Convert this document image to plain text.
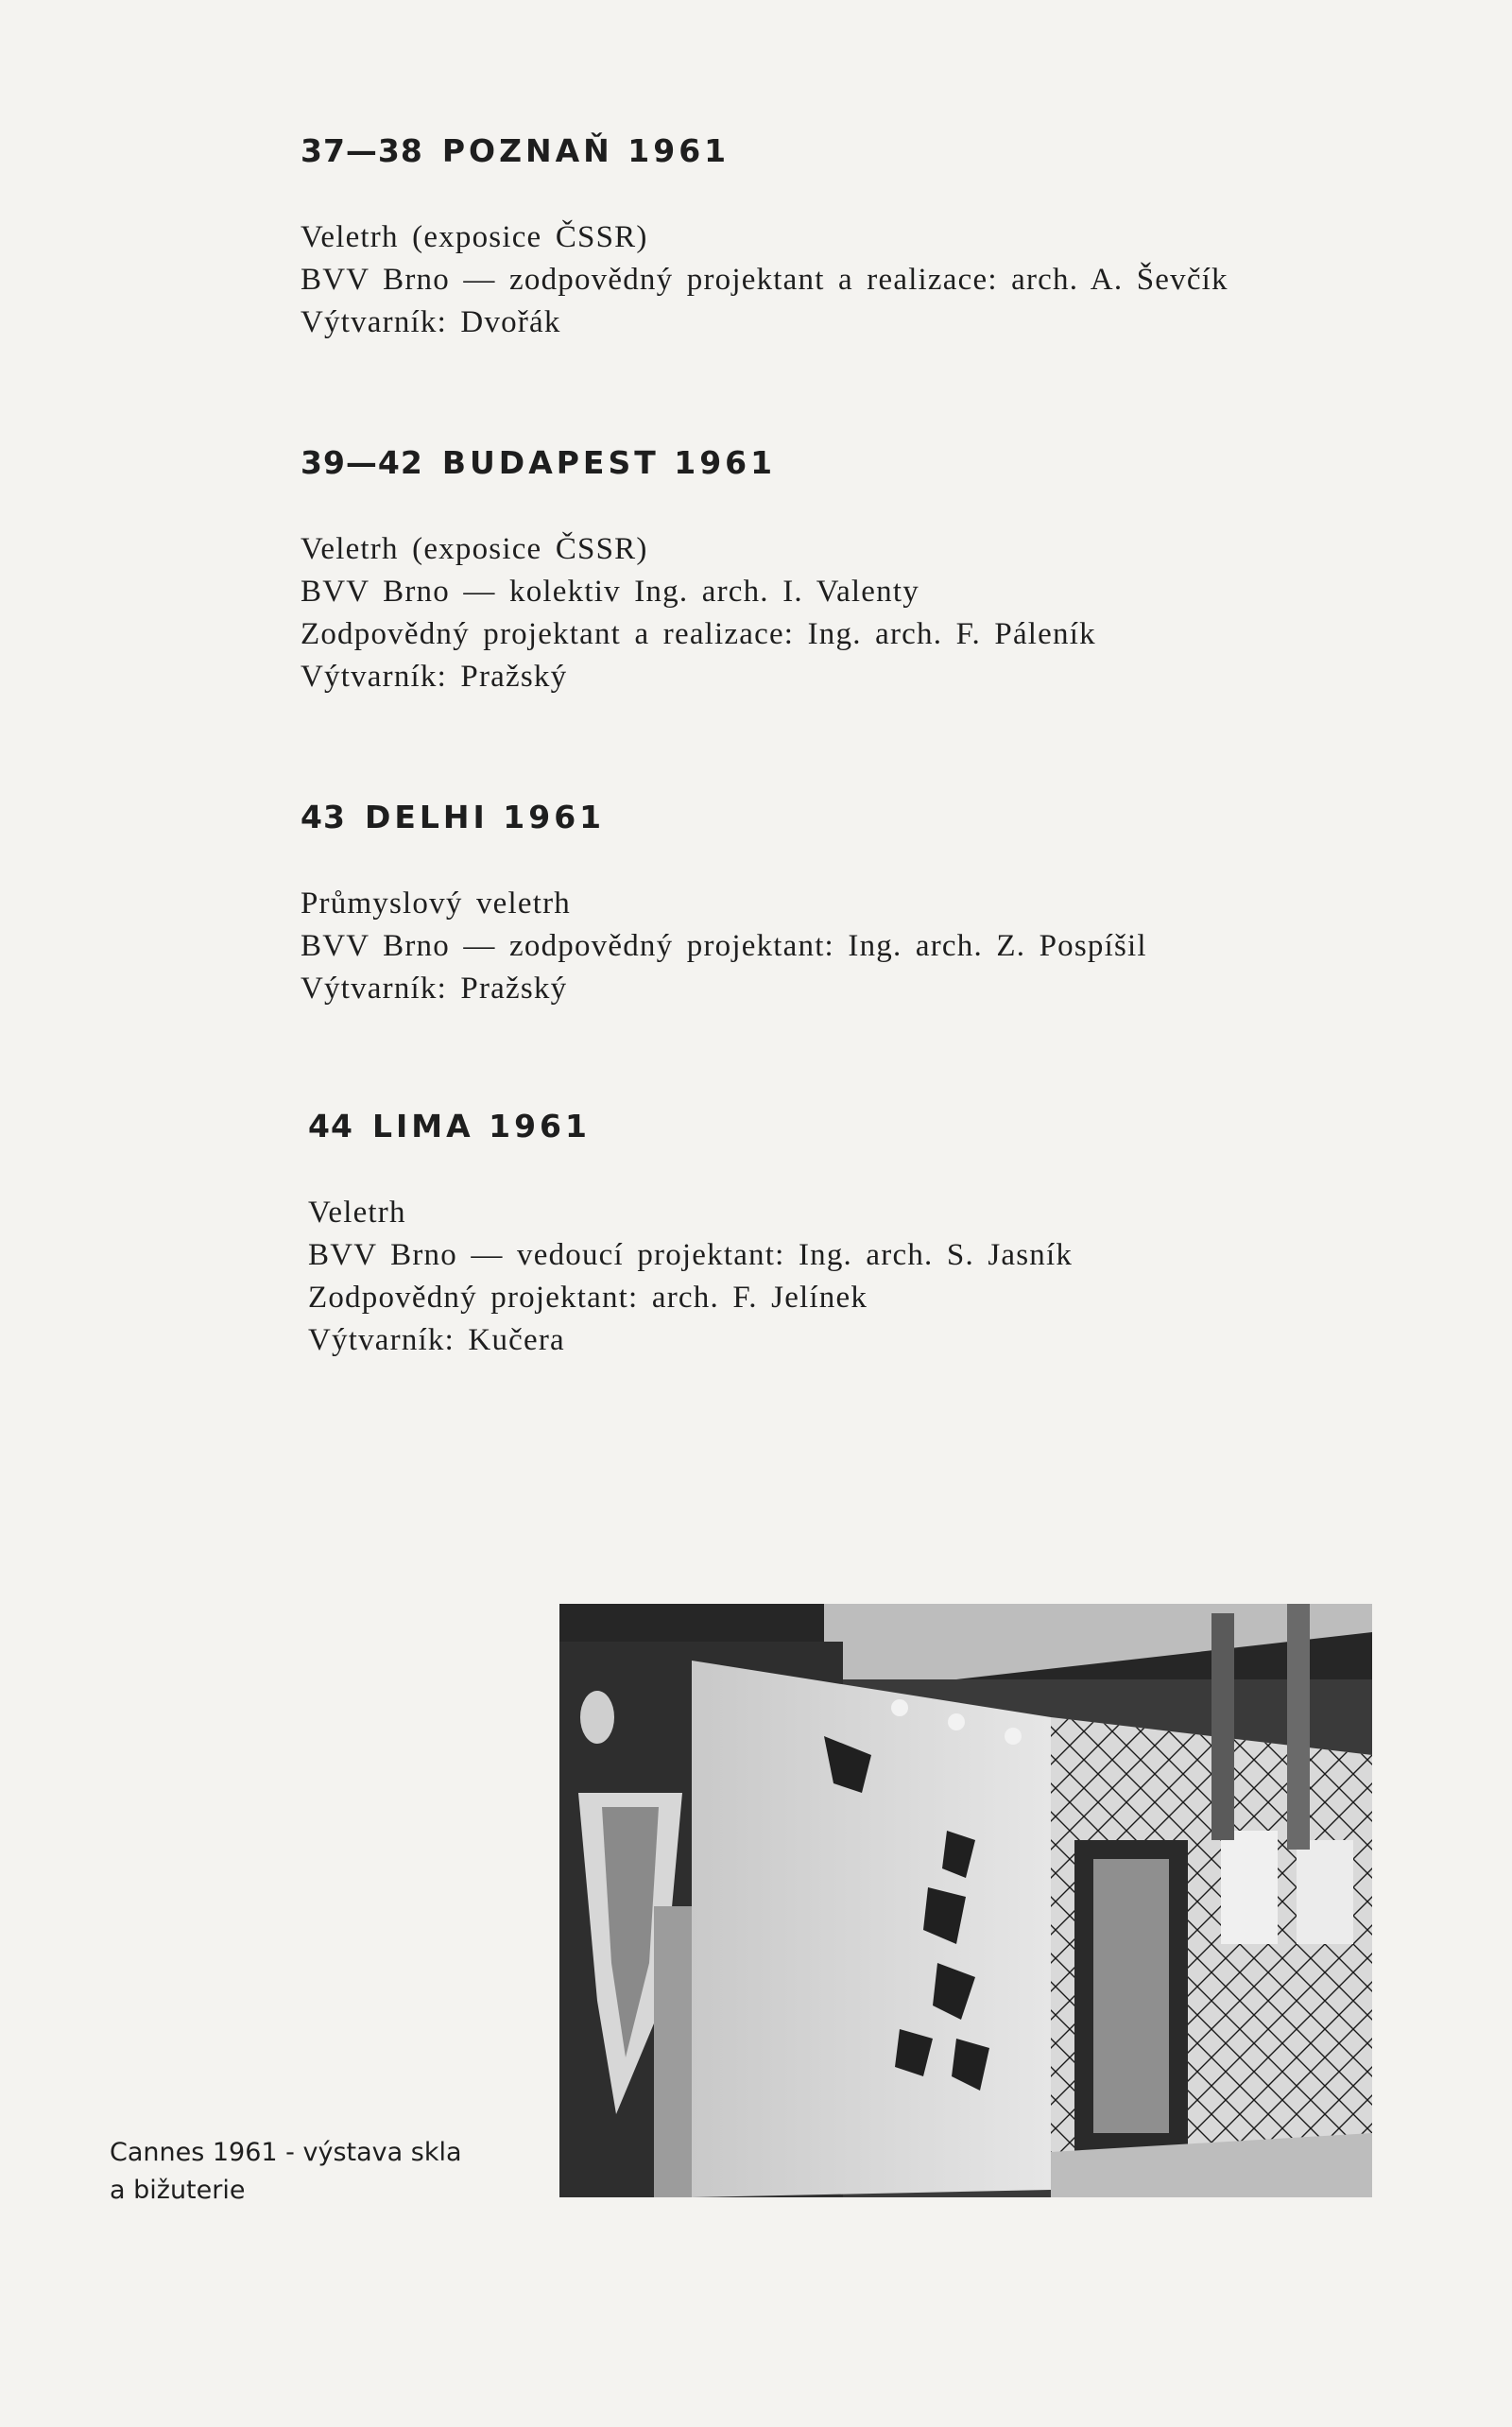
37—38 POZNAŇ 1961
Veletrh (exposice ČSSR)
BVV Brno — zodpovědný projektant a realizace: arch. A. Ševčík
Výtvarník: Dvořák
39—42 BUDAPEST 1961
Veletrh (exposice ČSSR)
BVV Brno — kolektiv Ing. arch. I. Valenty
Zodpovědný projektant a realizace: Ing. arch. F. Páleník
Výtvarník: Pražský
43 DELHI 1961
Průmyslový veletrh
BVV Brno — zodpovědný projektant: Ing. arch. Z. Pospíšil
Výtvarník: Pražský
44 LIMA 1961
Veletrh
BVV Brno — vedoucí projektant: Ing. arch. S. Jasník
Zodpovědný projektant: arch. F. Jelínek
Výtvarník: Kučera

Cannes 1961 - výstava skla
a bižuterie
